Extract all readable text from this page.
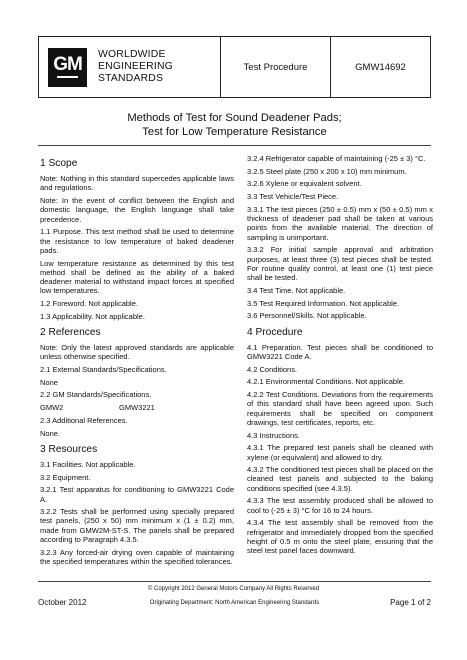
GM WORLDWIDE
ENGINEERING
STANDARDS
Test Procedure	GMW14692
Methods of Test for Sound Deadener Pads;
Test for Low Temperature Resistance
1 Scope

Note: Nothing in this standard supercedes applicable laws and regulations.

Note: In the event of conflict between the English and domestic language, the English language shall take precedence.

1.1 Purpose. This test method shall be used to determine the resistance to low temperature of baked deadener pads.

Low temperature resistance as determined by this test method shall be defined as the ability of a baked deadener material to withstand impact forces at specified low temperatures.

1.2 Foreword. Not applicable.

1.3 Applicability. Not applicable.

2 References

Note: Only the latest approved standards are applicable unless otherwise specified.

2.1 External Standards/Specifications.

None

2.2 GM Standards/Specifications.

GMW2	GMW3221

2.3 Additional References.

None.

3 Resources

3.1 Facilities. Not applicable.

3.2 Equipment.

3.2.1 Test apparatus for conditioning to GMW3221 Code A.

3.2.2 Tests shall be performed using specially prepared test panels, (250 x 50) mm minimum x (1 ± 0.2) mm, made from GMW2M-ST-S. The panels shall be prepared according to Paragraph 4.3.5.

3.2.3 Any forced-air drying oven capable of maintaining the specified temperatures within the specified tolerances.

3.2.4 Refrigerator capable of maintaining (-25 ± 3) °C.

3.2.5 Steel plate (250 x 200 x 10) mm minimum.

3.2.6 Xylene or equivalent solvent.

3.3 Test Vehicle/Test Piece.

3.3.1 The test pieces (250 ± 0.5) mm x (50 ± 0.5) mm x thickness of deadener pad shall be taken at various points from the available material. The direction of sampling is unimportant.

3.3.2 For initial sample approval and arbitration purposes, at least three (3) test pieces shall be tested. For routine quality control, at least one (1) test piece shall be tested.

3.4 Test Time. Not applicable.

3.5 Test Required Information. Not applicable.

3.6 Personnel/Skills. Not applicable.

4 Procedure

4.1 Preparation. Test pieces shall be conditioned to GMW3221 Code A.

4.2 Conditions.

4.2.1 Environmental Conditions. Not applicable.

4.2.2 Test Conditions. Deviations from the requirements of this standard shall have been agreed upon. Such requirements shall be specified on component drawings, test certificates, reports, etc.

4.3 Instructions.

4.3.1 The prepared test panels shall be cleaned with xylene (or equivalent) and allowed to dry.

4.3.2 The conditioned test pieces shall be placed on the cleaned test panels and subjected to the baking conditions specified (see 4.3.5).

4.3.3 The test assembly produced shall be allowed to cool to (-25 ± 3) °C for 16 to 24 hours.

4.3.4 The test assembly shall be removed from the refrigerator and immediately dropped from the specified height of 0.5 m onto the steel plate, ensuring that the steel test panel faces downward.

© Copyright 2012 General Motors Company All Rights Reserved
October 2012	Originating Department: North American Engineering Standards	Page 1 of 2
